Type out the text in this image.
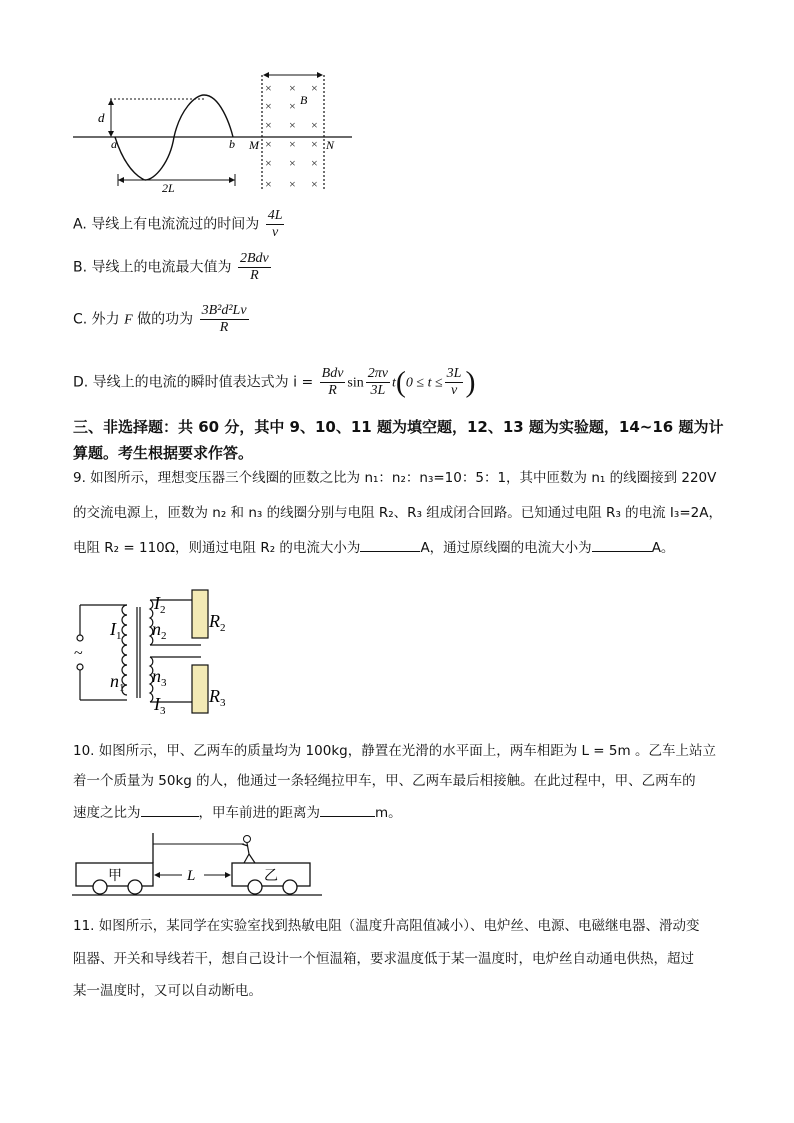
d
a	b
2L
M	N
B
× × ×
× ×
× × ×
× × ×
× × ×
× × ×
A. 导线上有电流流过的时间为 $\frac{4L}{v}$
B. 导线上的电流最大值为 $\frac{\text{2Bdv}}{R}$
C. 外力 F 做的功为 $\frac{\text{3B²d²Lv}}{R}$
D. 导线上的电流的瞬时值表达式为 $i = \frac{\text{Bdv}}{R}$ $\sin \frac{2\pi v}{3L} t(0 \le t \le \frac{3L}{v}$ )
三、非选择题：共 60 分，其中 9、10、11 题为填空题，12、13 题为实验题，14~16 题为计
算题。考生根据要求作答。
9. 如图所示，理想变压器三个线圈的匝数之比为 n₁：n₂：n₃=10：5：1，其中匝数为 n₁ 的线圈接到 220V
的交流电源上，匝数为 n₂ 和 n₃ 的线圈分别与电阻 R₂、R₃ 组成闭合回路。已知通过电阻 R₃ 的电流 I₃=2A，
电阻 R₂ = 110Ω，则通过电阻 R₂ 的电流大小为	A，通过原线圈的电流大小为	A。
~
$I_1$
$n_1$
$I_2$
$n_2$
$n_3$
$I_3$
$R_2$
$R_3$
10. 如图所示，甲、乙两车的质量均为 100kg，静置在光滑的水平面上，两车相距为 L = 5m 。乙车上站立
着一个质量为 50kg 的人，他通过一条轻绳拉甲车，甲、乙两车最后相接触。在此过程中，甲、乙两车的
速度之比为	，甲车前进的距离为	m。
甲	乙
L
11. 如图所示，某同学在实验室找到热敏电阻（温度升高阻值减小）、电炉丝、电源、电磁继电器、滑动变
阻器、开关和导线若干，想自己设计一个恒温箱，要求温度低于某一温度时，电炉丝自动通电供热，超过
某一温度时，又可以自动断电。
